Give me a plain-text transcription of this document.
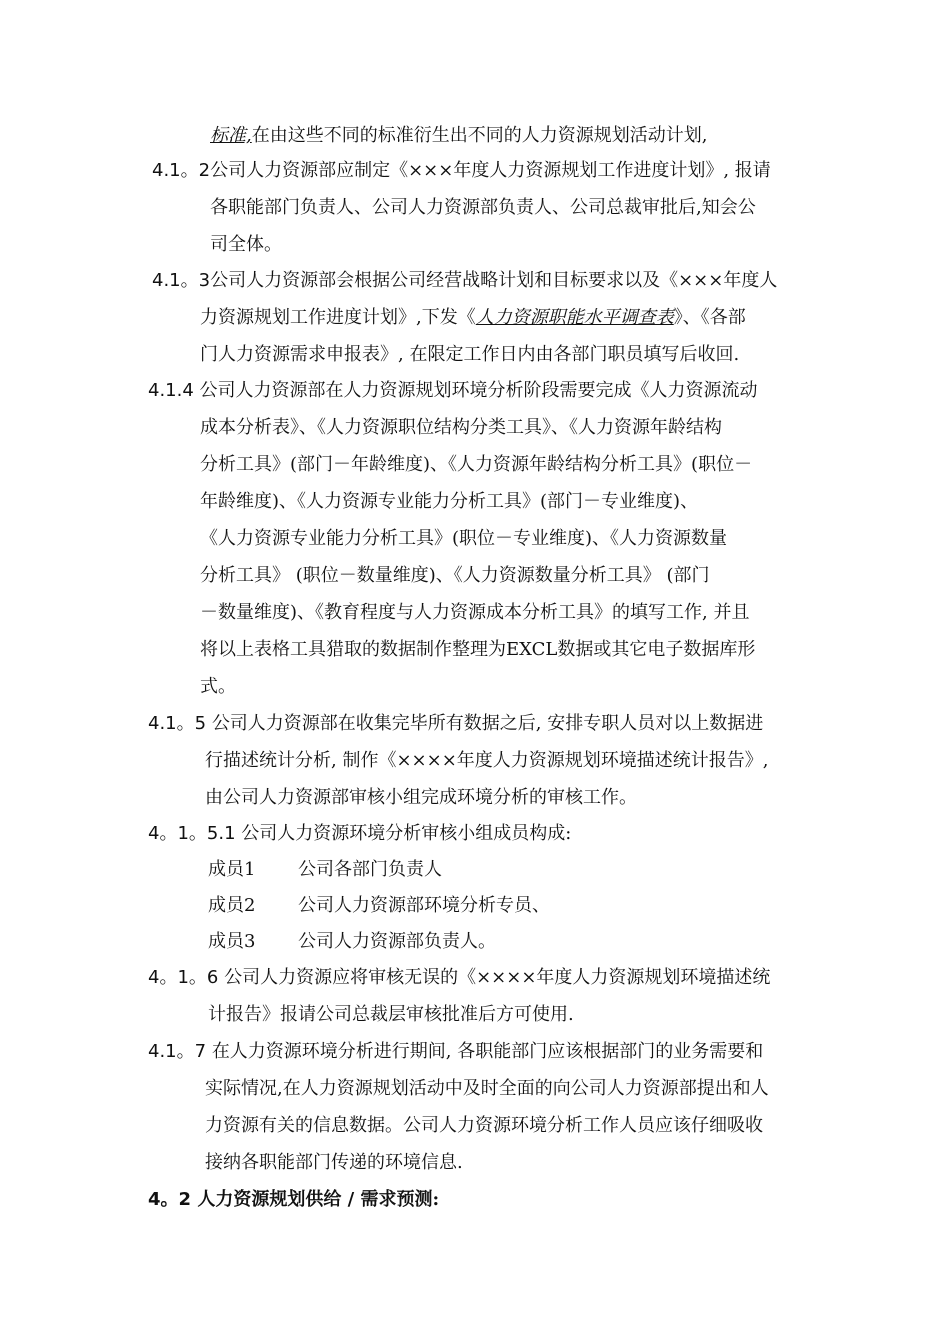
标准,在由这些不同的标准衍生出不同的人力资源规划活动计划,
4.1。2公司人力资源部应制定《×××年度人力资源规划工作进度计划》, 报请
各职能部门负责人、公司人力资源部负责人、公司总裁审批后,知会公
司全体。
4.1。3公司人力资源部会根据公司经营战略计划和目标要求以及《×××年度人
力资源规划工作进度计划》,下发《人力资源职能水平调查表》、《各部
门人力资源需求申报表》, 在限定工作日内由各部门职员填写后收回.
4.1.4 公司人力资源部在人力资源规划环境分析阶段需要完成《人力资源流动
成本分析表》、《人力资源职位结构分类工具》、《人力资源年龄结构
分析工具》(部门－年龄维度)、《人力资源年龄结构分析工具》(职位－
年龄维度)、《人力资源专业能力分析工具》(部门－专业维度)、
《人力资源专业能力分析工具》(职位－专业维度)、《人力资源数量
分析工具》 (职位－数量维度)、《人力资源数量分析工具》 (部门
－数量维度)、《教育程度与人力资源成本分析工具》的填写工作, 并且
将以上表格工具猎取的数据制作整理为EXCL数据或其它电子数据库形
式。
4.1。5 公司人力资源部在收集完毕所有数据之后, 安排专职人员对以上数据进
行描述统计分析, 制作《××××年度人力资源规划环境描述统计报告》,
由公司人力资源部审核小组完成环境分析的审核工作。
4。1。5.1 公司人力资源环境分析审核小组成员构成:
成员1 公司各部门负责人
成员2 公司人力资源部环境分析专员、
成员3 公司人力资源部负责人。
4。1。6 公司人力资源应将审核无误的《××××年度人力资源规划环境描述统
计报告》报请公司总裁层审核批准后方可使用.
4.1。7 在人力资源环境分析进行期间, 各职能部门应该根据部门的业务需要和
实际情况,在人力资源规划活动中及时全面的向公司人力资源部提出和人
力资源有关的信息数据。公司人力资源环境分析工作人员应该仔细吸收
接纳各职能部门传递的环境信息.
4。2 人力资源规划供给 / 需求预测:
